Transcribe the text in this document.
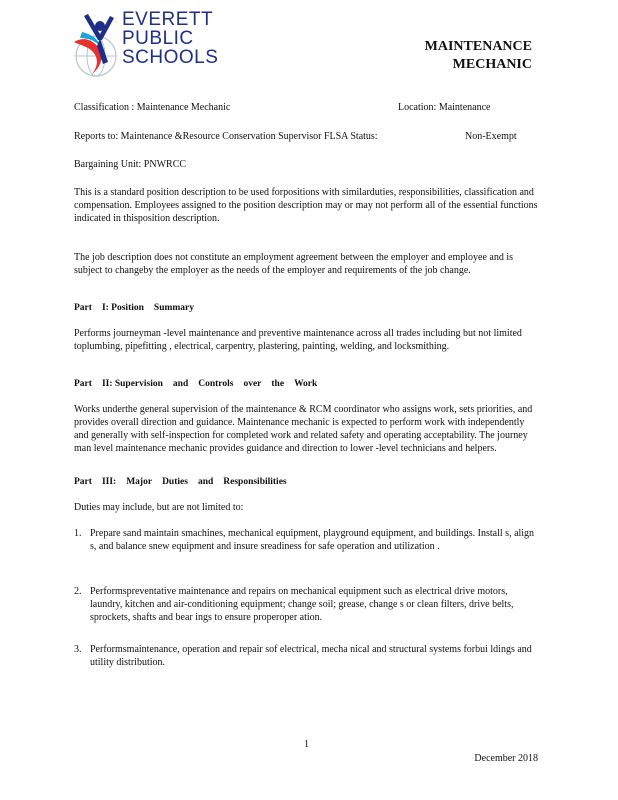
EVERETT
PUBLIC
SCHOOLS
MAINTENANCE
MECHANIC
Classification : Maintenance Mechanic	Location: Maintenance
Reports to: Maintenance &Resource Conservation Supervisor FLSA Status:	Non-Exempt
Bargaining Unit: PNWRCC
This is a standard position description to be used forpositions with similarduties, responsibilities, classification and compensation. Employees assigned to the position description may or may not perform all of the essential functions indicated in thisposition description.
The job description does not constitute an employment agreement between the employer and employee and is subject to changeby the employer as the needs of the employer and requirements of the job change.
Part I: Position Summary
Performs journeyman -level maintenance and preventive maintenance across all trades including but not limited toplumbing, pipefitting , electrical, carpentry, plastering, painting, welding, and locksmithing.
Part II: Supervision and Controls over the Work
Works underthe general supervision of the maintenance & RCM coordinator who assigns work, sets priorities, and provides overall direction and guidance. Maintenance mechanic is expected to perform work with independently and generally with self-inspection for completed work and related safety and operating acceptability. The journey man level maintenance mechanic provides guidance and direction to lower -level technicians and helpers.
Part III: Major Duties and Responsibilities
Duties may include, but are not limited to:
1. Prepare sand maintain smachines, mechanical equipment, playground equipment, and buildings. Install s, align s, and balance snew equipment and insure sreadiness for safe operation and utilization .
2. Performspreventative maintenance and repairs on mechanical equipment such as electrical drive motors, laundry, kitchen and air-conditioning equipment; change soil; grease, change s or clean filters, drive belts, sprockets, shafts and bear ings to ensure properoper ation.
3. Performsmaintenance, operation and repair sof electrical, mecha nical and structural systems forbui ldings and utility distribution.
1
December 2018
